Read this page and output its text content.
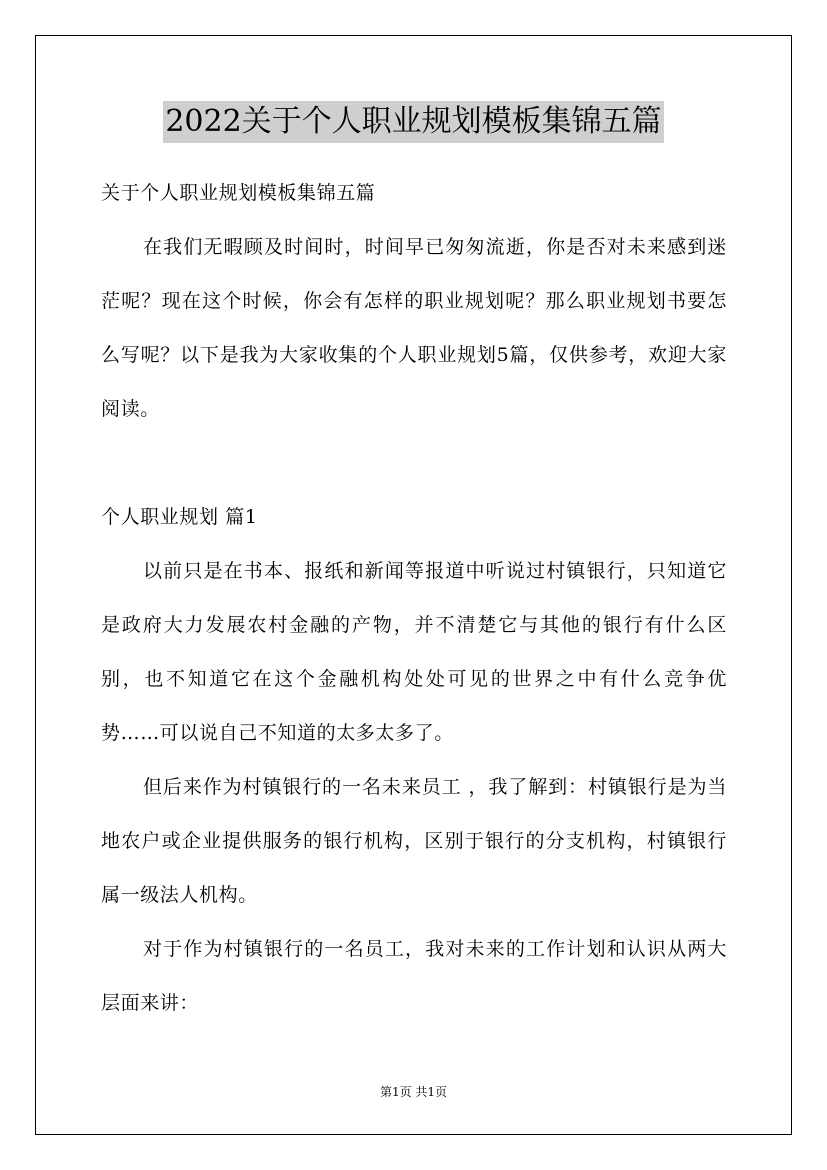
2022关于个人职业规划模板集锦五篇

关于个人职业规划模板集锦五篇

在我们无暇顾及时间时，时间早已匆匆流逝，你是否对未来感到迷茫呢？现在这个时候，你会有怎样的职业规划呢？那么职业规划书要怎么写呢？以下是我为大家收集的个人职业规划5篇，仅供参考，欢迎大家阅读。

个人职业规划 篇1

以前只是在书本、报纸和新闻等报道中听说过村镇银行，只知道它是政府大力发展农村金融的产物，并不清楚它与其他的银行有什么区别，也不知道它在这个金融机构处处可见的世界之中有什么竞争优势……可以说自己不知道的太多太多了。

但后来作为村镇银行的一名未来员工 ，我了解到：村镇银行是为当地农户或企业提供服务的银行机构，区别于银行的分支机构，村镇银行属一级法人机构。

对于作为村镇银行的一名员工，我对未来的工作计划和认识从两大层面来讲：

第1页 共1页
